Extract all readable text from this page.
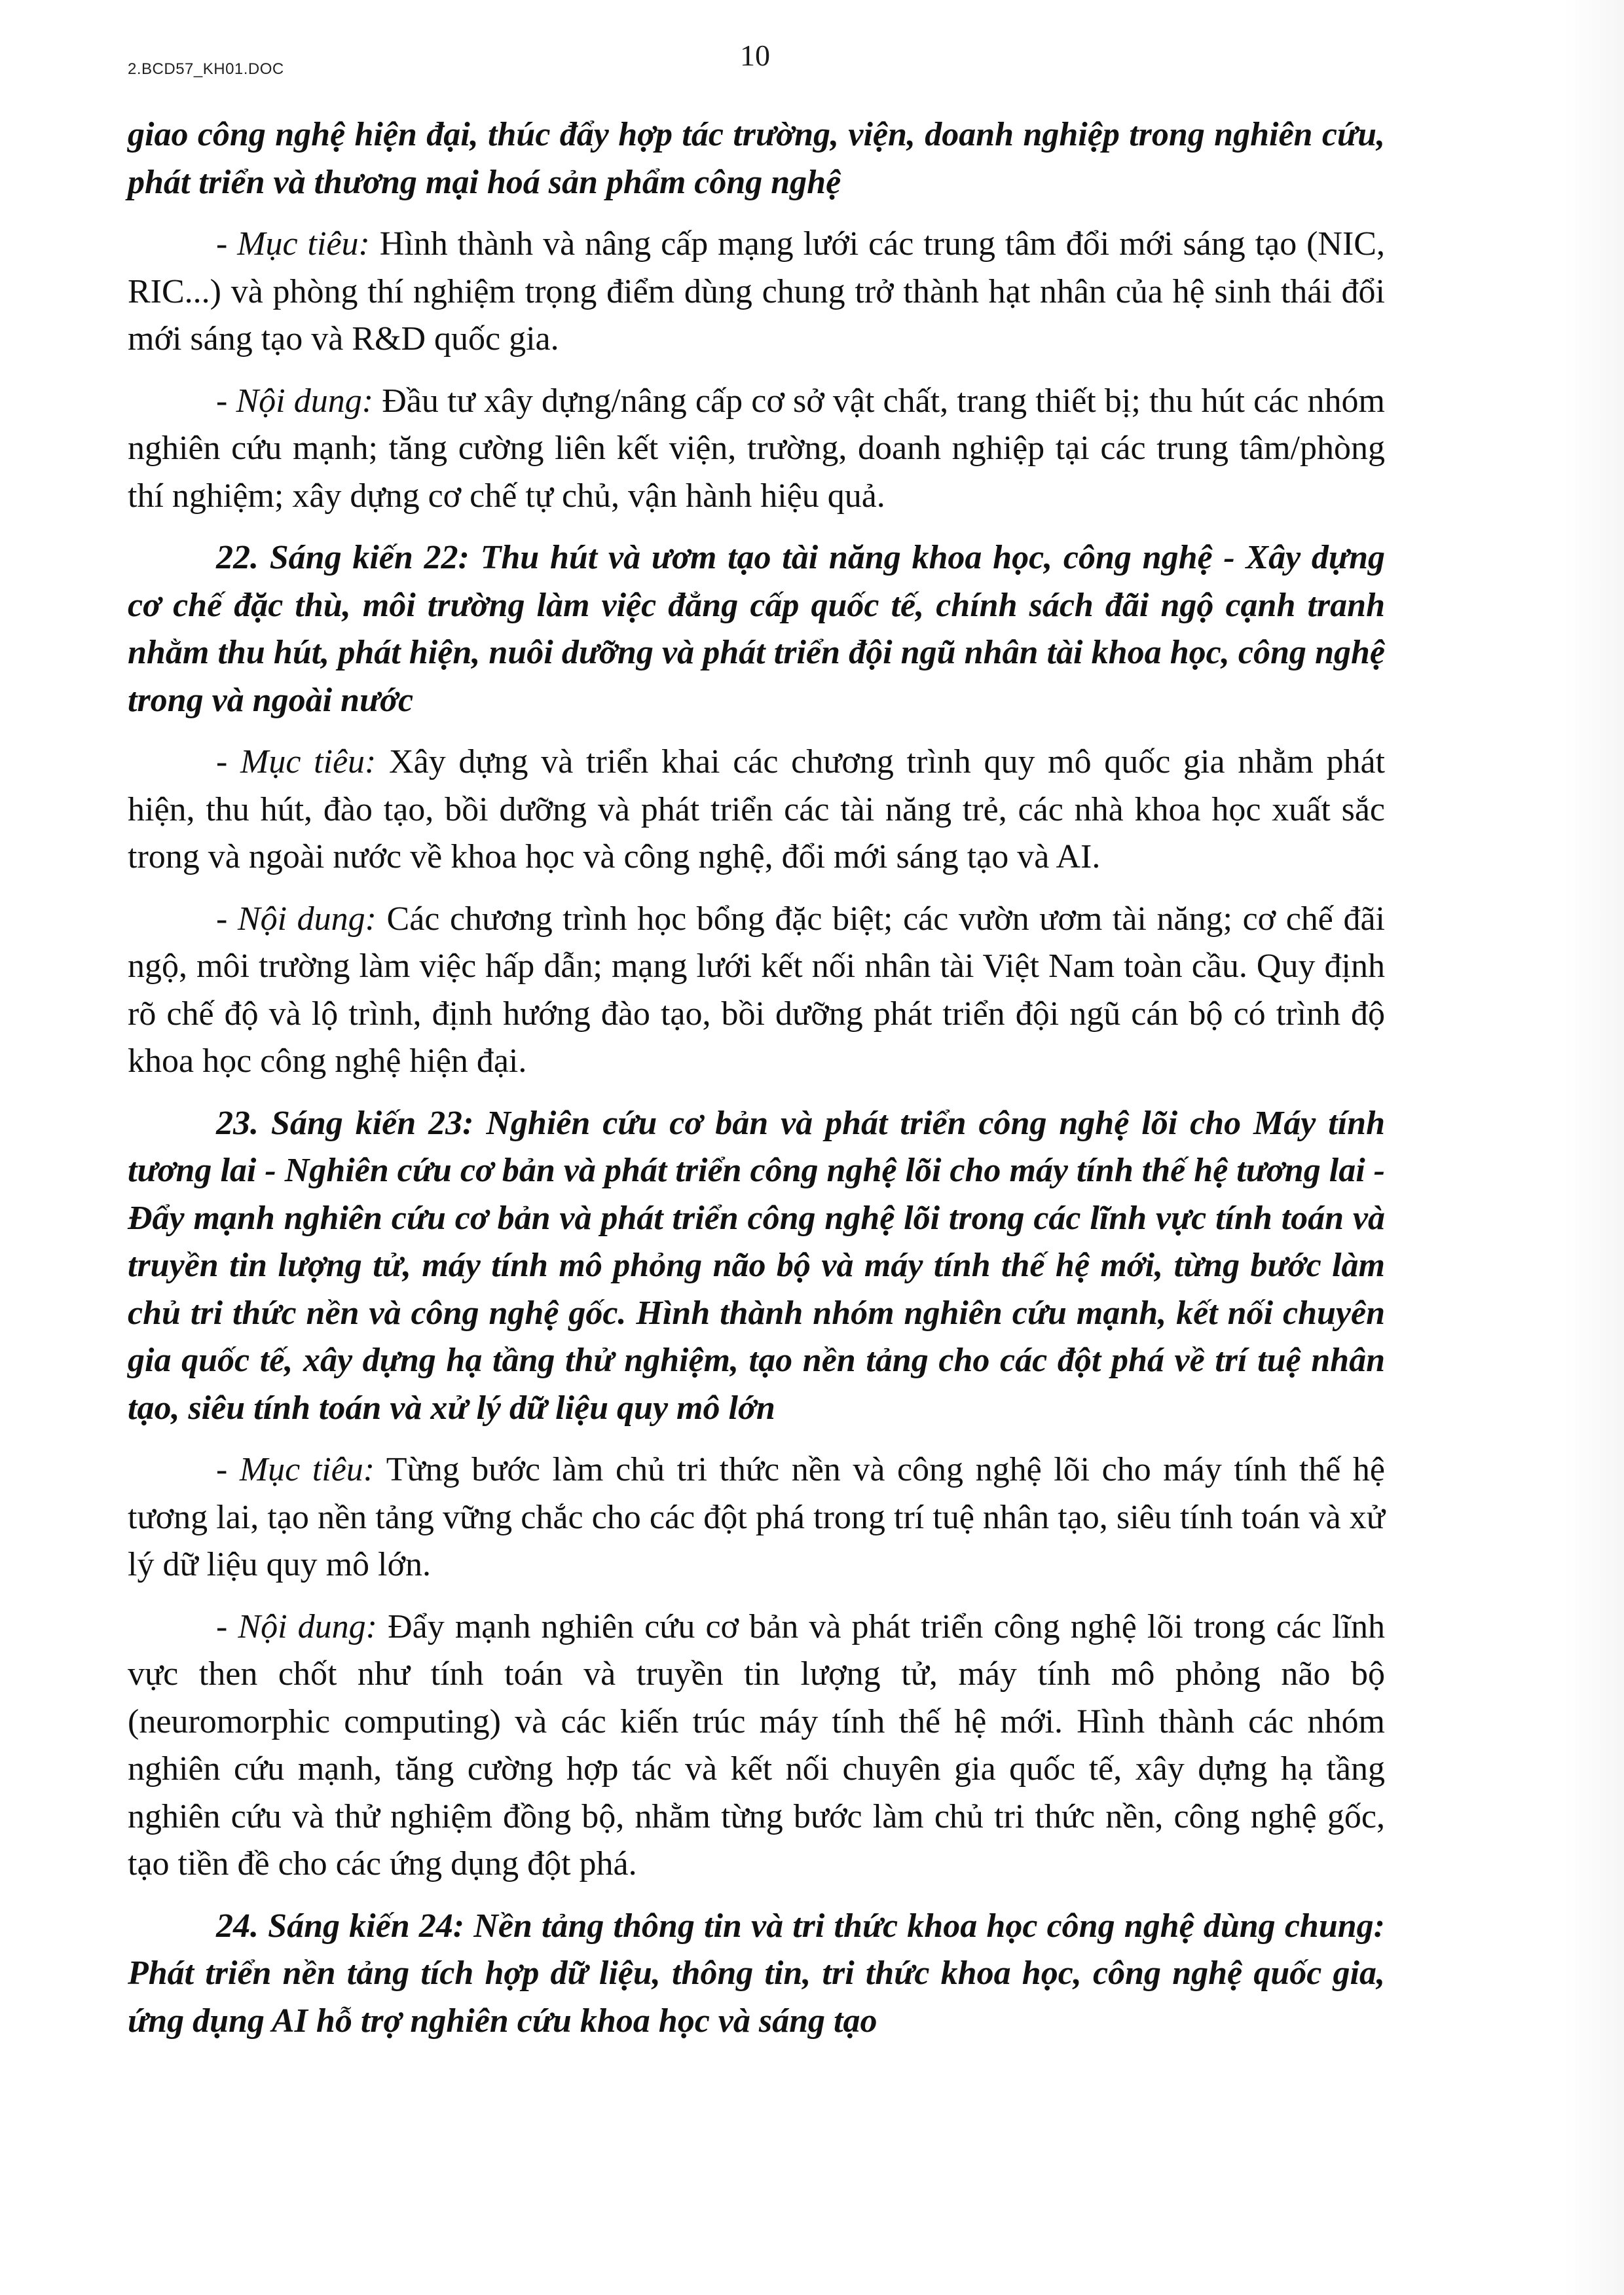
2.BCD57_KH01.DOC	10

giao công nghệ hiện đại, thúc đẩy hợp tác trường, viện, doanh nghiệp trong nghiên cứu, phát triển và thương mại hoá sản phẩm công nghệ

- Mục tiêu: Hình thành và nâng cấp mạng lưới các trung tâm đổi mới sáng tạo (NIC, RIC...) và phòng thí nghiệm trọng điểm dùng chung trở thành hạt nhân của hệ sinh thái đổi mới sáng tạo và R&D quốc gia.

- Nội dung: Đầu tư xây dựng/nâng cấp cơ sở vật chất, trang thiết bị; thu hút các nhóm nghiên cứu mạnh; tăng cường liên kết viện, trường, doanh nghiệp tại các trung tâm/phòng thí nghiệm; xây dựng cơ chế tự chủ, vận hành hiệu quả.

22. Sáng kiến 22: Thu hút và ươm tạo tài năng khoa học, công nghệ - Xây dựng cơ chế đặc thù, môi trường làm việc đẳng cấp quốc tế, chính sách đãi ngộ cạnh tranh nhằm thu hút, phát hiện, nuôi dưỡng và phát triển đội ngũ nhân tài khoa học, công nghệ trong và ngoài nước

- Mục tiêu: Xây dựng và triển khai các chương trình quy mô quốc gia nhằm phát hiện, thu hút, đào tạo, bồi dưỡng và phát triển các tài năng trẻ, các nhà khoa học xuất sắc trong và ngoài nước về khoa học và công nghệ, đổi mới sáng tạo và AI.

- Nội dung: Các chương trình học bổng đặc biệt; các vườn ươm tài năng; cơ chế đãi ngộ, môi trường làm việc hấp dẫn; mạng lưới kết nối nhân tài Việt Nam toàn cầu. Quy định rõ chế độ và lộ trình, định hướng đào tạo, bồi dưỡng phát triển đội ngũ cán bộ có trình độ khoa học công nghệ hiện đại.

23. Sáng kiến 23: Nghiên cứu cơ bản và phát triển công nghệ lõi cho Máy tính tương lai - Nghiên cứu cơ bản và phát triển công nghệ lõi cho máy tính thế hệ tương lai - Đẩy mạnh nghiên cứu cơ bản và phát triển công nghệ lõi trong các lĩnh vực tính toán và truyền tin lượng tử, máy tính mô phỏng não bộ và máy tính thế hệ mới, từng bước làm chủ tri thức nền và công nghệ gốc. Hình thành nhóm nghiên cứu mạnh, kết nối chuyên gia quốc tế, xây dựng hạ tầng thử nghiệm, tạo nền tảng cho các đột phá về trí tuệ nhân tạo, siêu tính toán và xử lý dữ liệu quy mô lớn

- Mục tiêu: Từng bước làm chủ tri thức nền và công nghệ lõi cho máy tính thế hệ tương lai, tạo nền tảng vững chắc cho các đột phá trong trí tuệ nhân tạo, siêu tính toán và xử lý dữ liệu quy mô lớn.

- Nội dung: Đẩy mạnh nghiên cứu cơ bản và phát triển công nghệ lõi trong các lĩnh vực then chốt như tính toán và truyền tin lượng tử, máy tính mô phỏng não bộ (neuromorphic computing) và các kiến trúc máy tính thế hệ mới. Hình thành các nhóm nghiên cứu mạnh, tăng cường hợp tác và kết nối chuyên gia quốc tế, xây dựng hạ tầng nghiên cứu và thử nghiệm đồng bộ, nhằm từng bước làm chủ tri thức nền, công nghệ gốc, tạo tiền đề cho các ứng dụng đột phá.

24. Sáng kiến 24: Nền tảng thông tin và tri thức khoa học công nghệ dùng chung: Phát triển nền tảng tích hợp dữ liệu, thông tin, tri thức khoa học, công nghệ quốc gia, ứng dụng AI hỗ trợ nghiên cứu khoa học và sáng tạo
